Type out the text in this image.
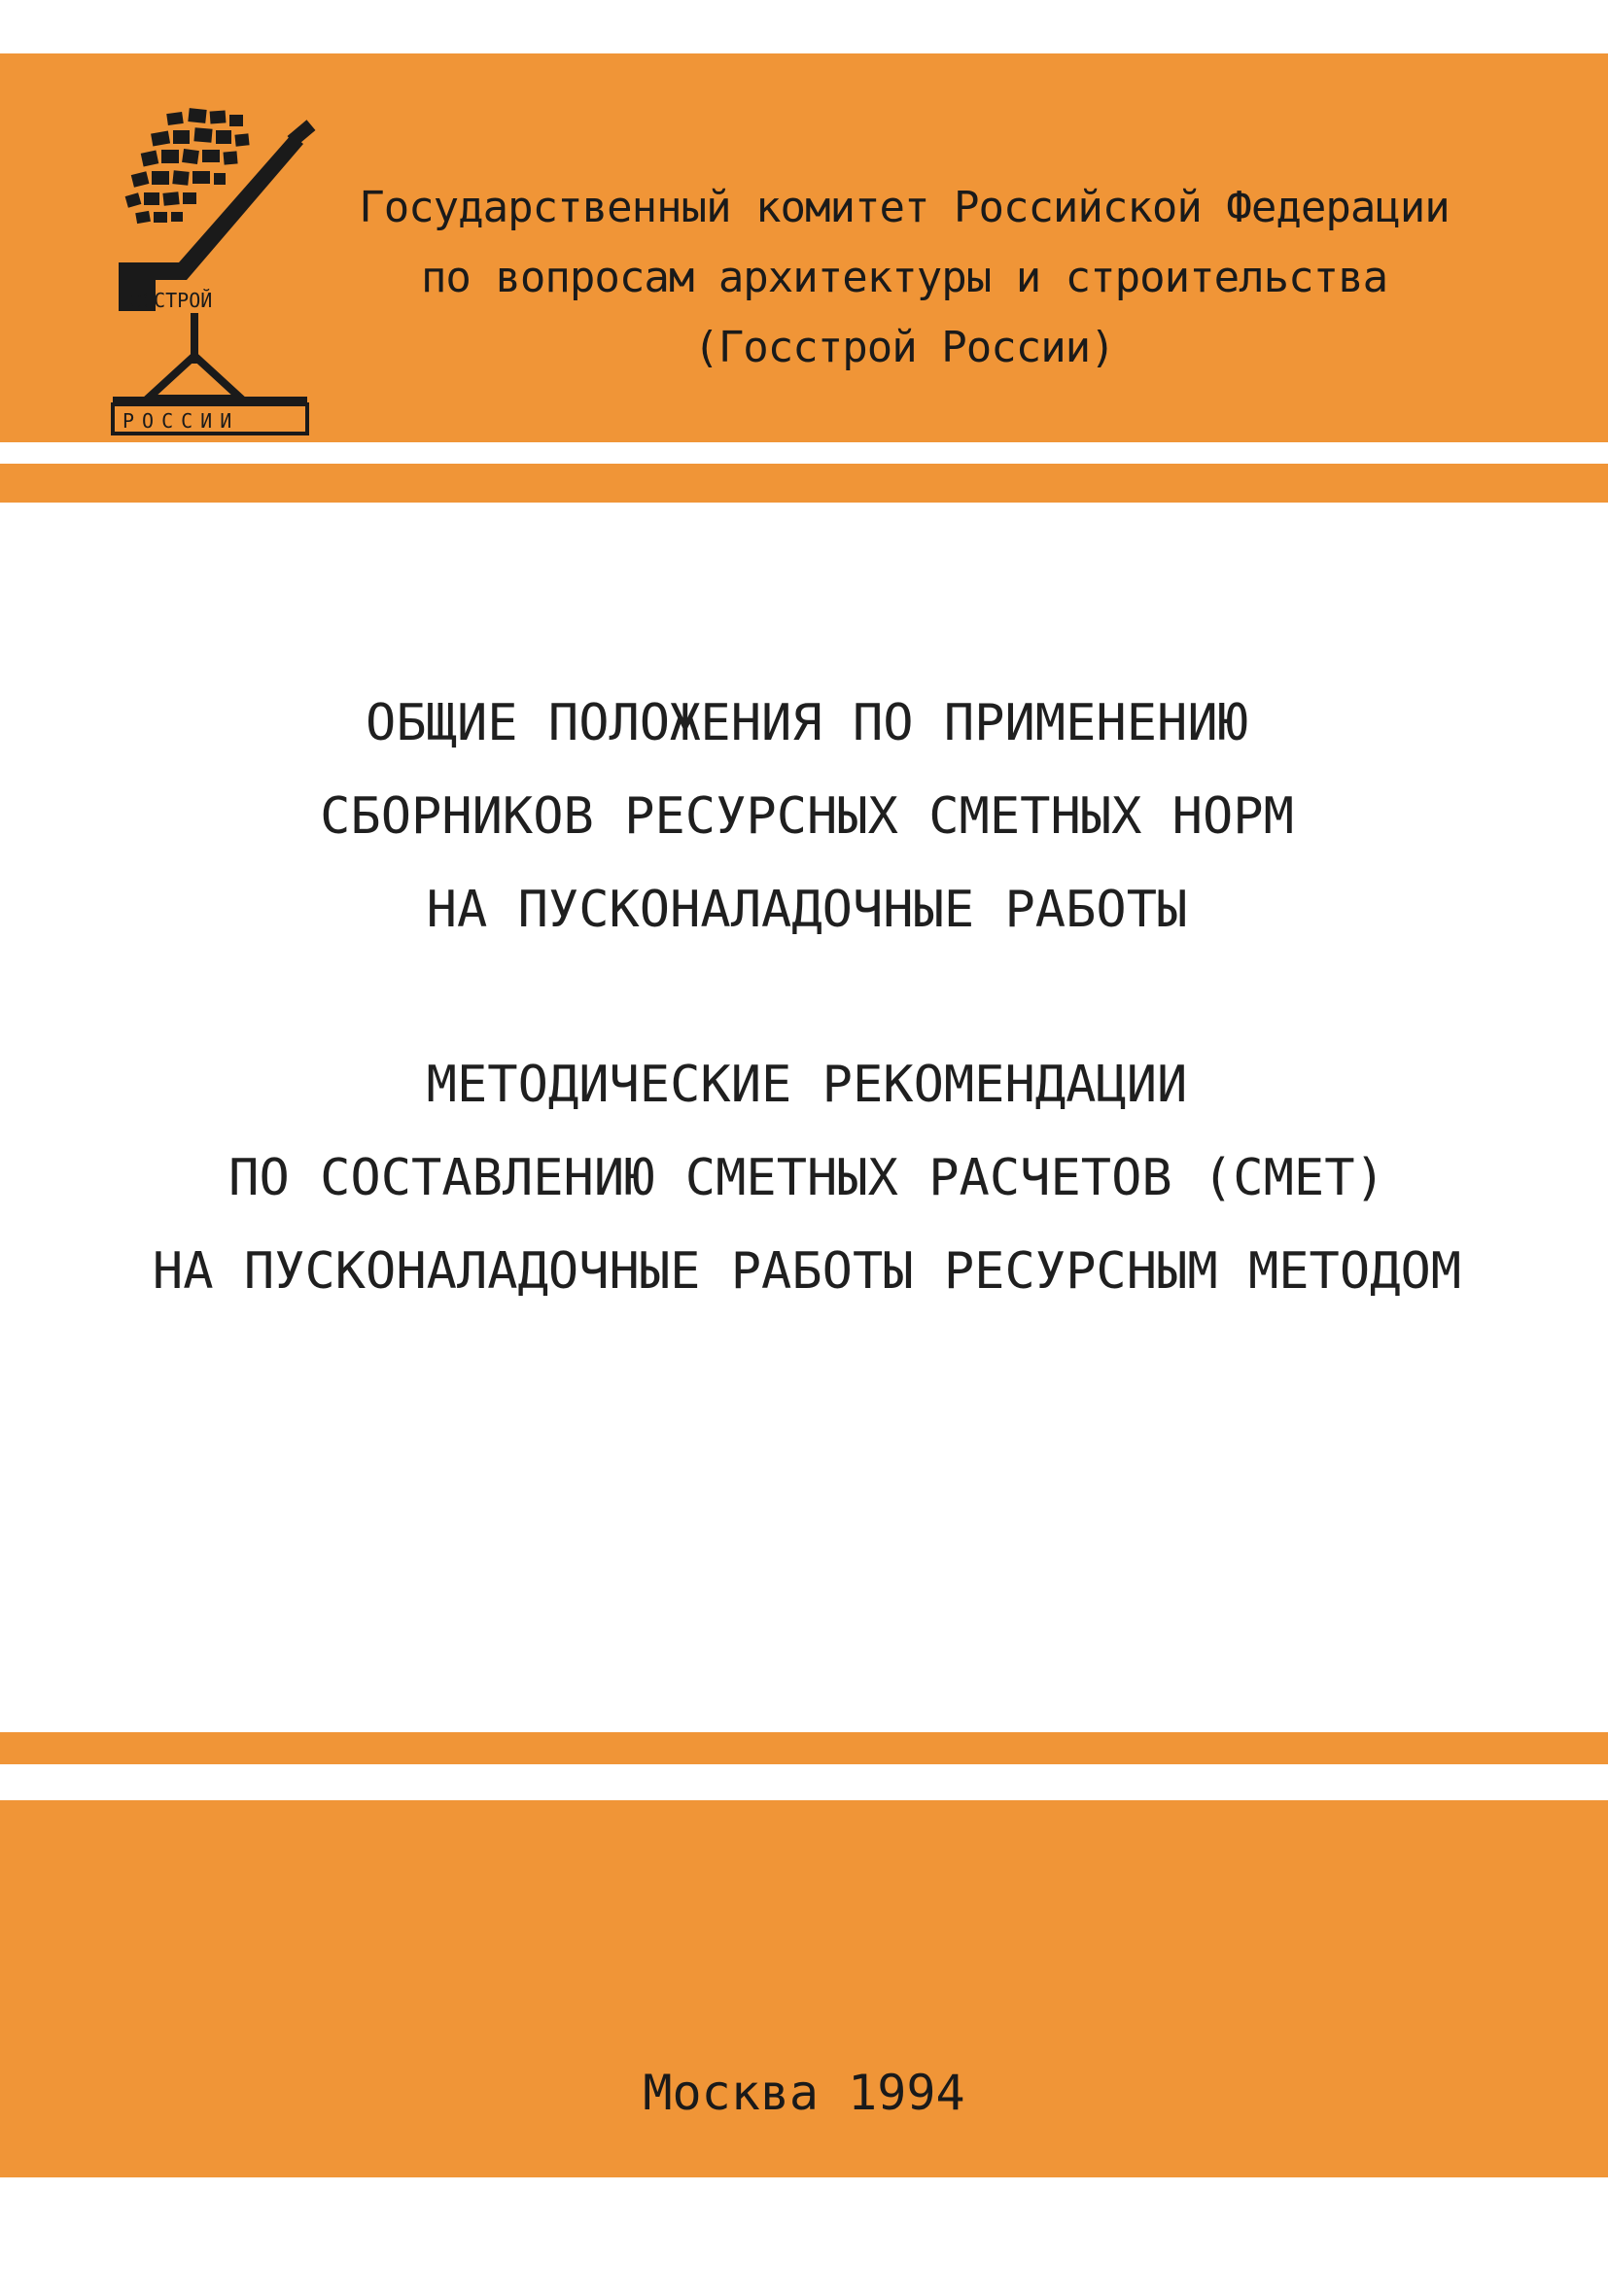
ОССТРОЙ
РОССИИ
Государственный комитет Российской Федерации
по вопросам архитектуры и строительства
(Госстрой России)
ОБЩИЕ ПОЛОЖЕНИЯ ПО ПРИМЕНЕНИЮ
СБОРНИКОВ РЕСУРСНЫХ СМЕТНЫХ НОРМ
НА ПУСКОНАЛАДОЧНЫЕ РАБОТЫ
МЕТОДИЧЕСКИЕ РЕКОМЕНДАЦИИ
ПО СОСТАВЛЕНИЮ СМЕТНЫХ РАСЧЕТОВ (СМЕТ)
НА ПУСКОНАЛАДОЧНЫЕ РАБОТЫ РЕСУРСНЫМ МЕТОДОМ
Москва 1994
